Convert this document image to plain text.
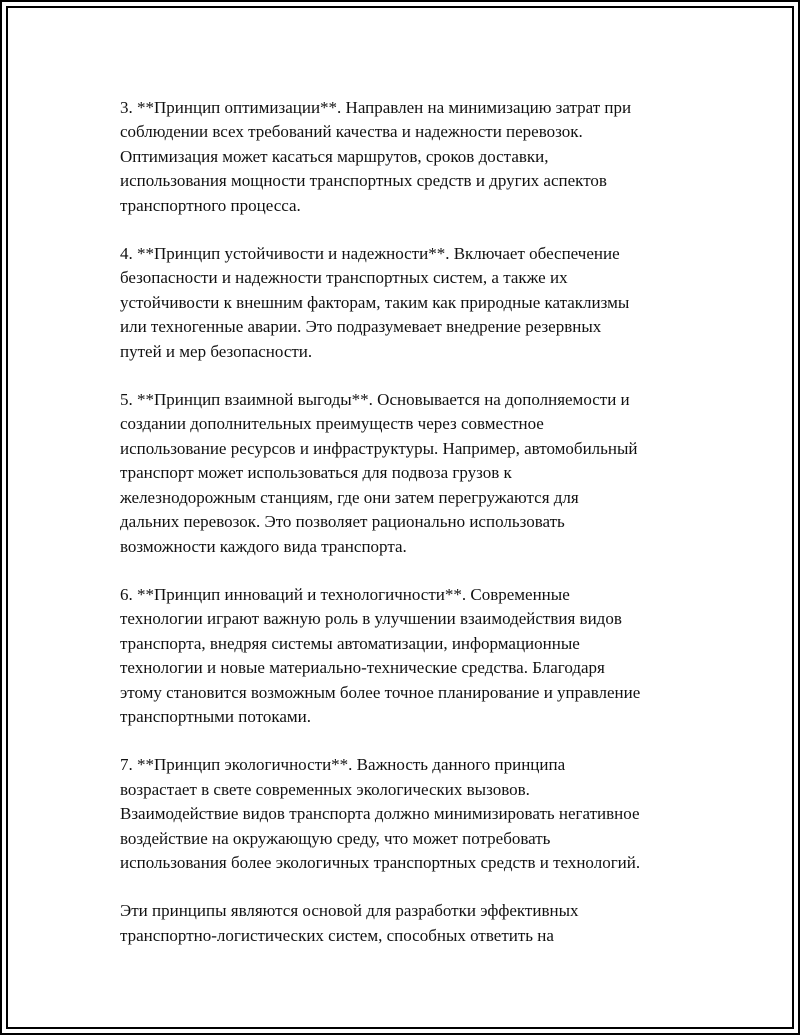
3. **Принцип оптимизации**. Направлен на минимизацию затрат при
соблюдении всех требований качества и надежности перевозок.
Оптимизация может касаться маршрутов, сроков доставки,
использования мощности транспортных средств и других аспектов
транспортного процесса.

4. **Принцип устойчивости и надежности**. Включает обеспечение
безопасности и надежности транспортных систем, а также их
устойчивости к внешним факторам, таким как природные катаклизмы
или техногенные аварии. Это подразумевает внедрение резервных
путей и мер безопасности.

5. **Принцип взаимной выгоды**. Основывается на дополняемости и
создании дополнительных преимуществ через совместное
использование ресурсов и инфраструктуры. Например, автомобильный
транспорт может использоваться для подвоза грузов к
железнодорожным станциям, где они затем перегружаются для
дальних перевозок. Это позволяет рационально использовать
возможности каждого вида транспорта.

6. **Принцип инноваций и технологичности**. Современные
технологии играют важную роль в улучшении взаимодействия видов
транспорта, внедряя системы автоматизации, информационные
технологии и новые материально-технические средства. Благодаря
этому становится возможным более точное планирование и управление
транспортными потоками.

7. **Принцип экологичности**. Важность данного принципа
возрастает в свете современных экологических вызовов.
Взаимодействие видов транспорта должно минимизировать негативное
воздействие на окружающую среду, что может потребовать
использования более экологичных транспортных средств и технологий.

Эти принципы являются основой для разработки эффективных
транспортно-логистических систем, способных ответить на
